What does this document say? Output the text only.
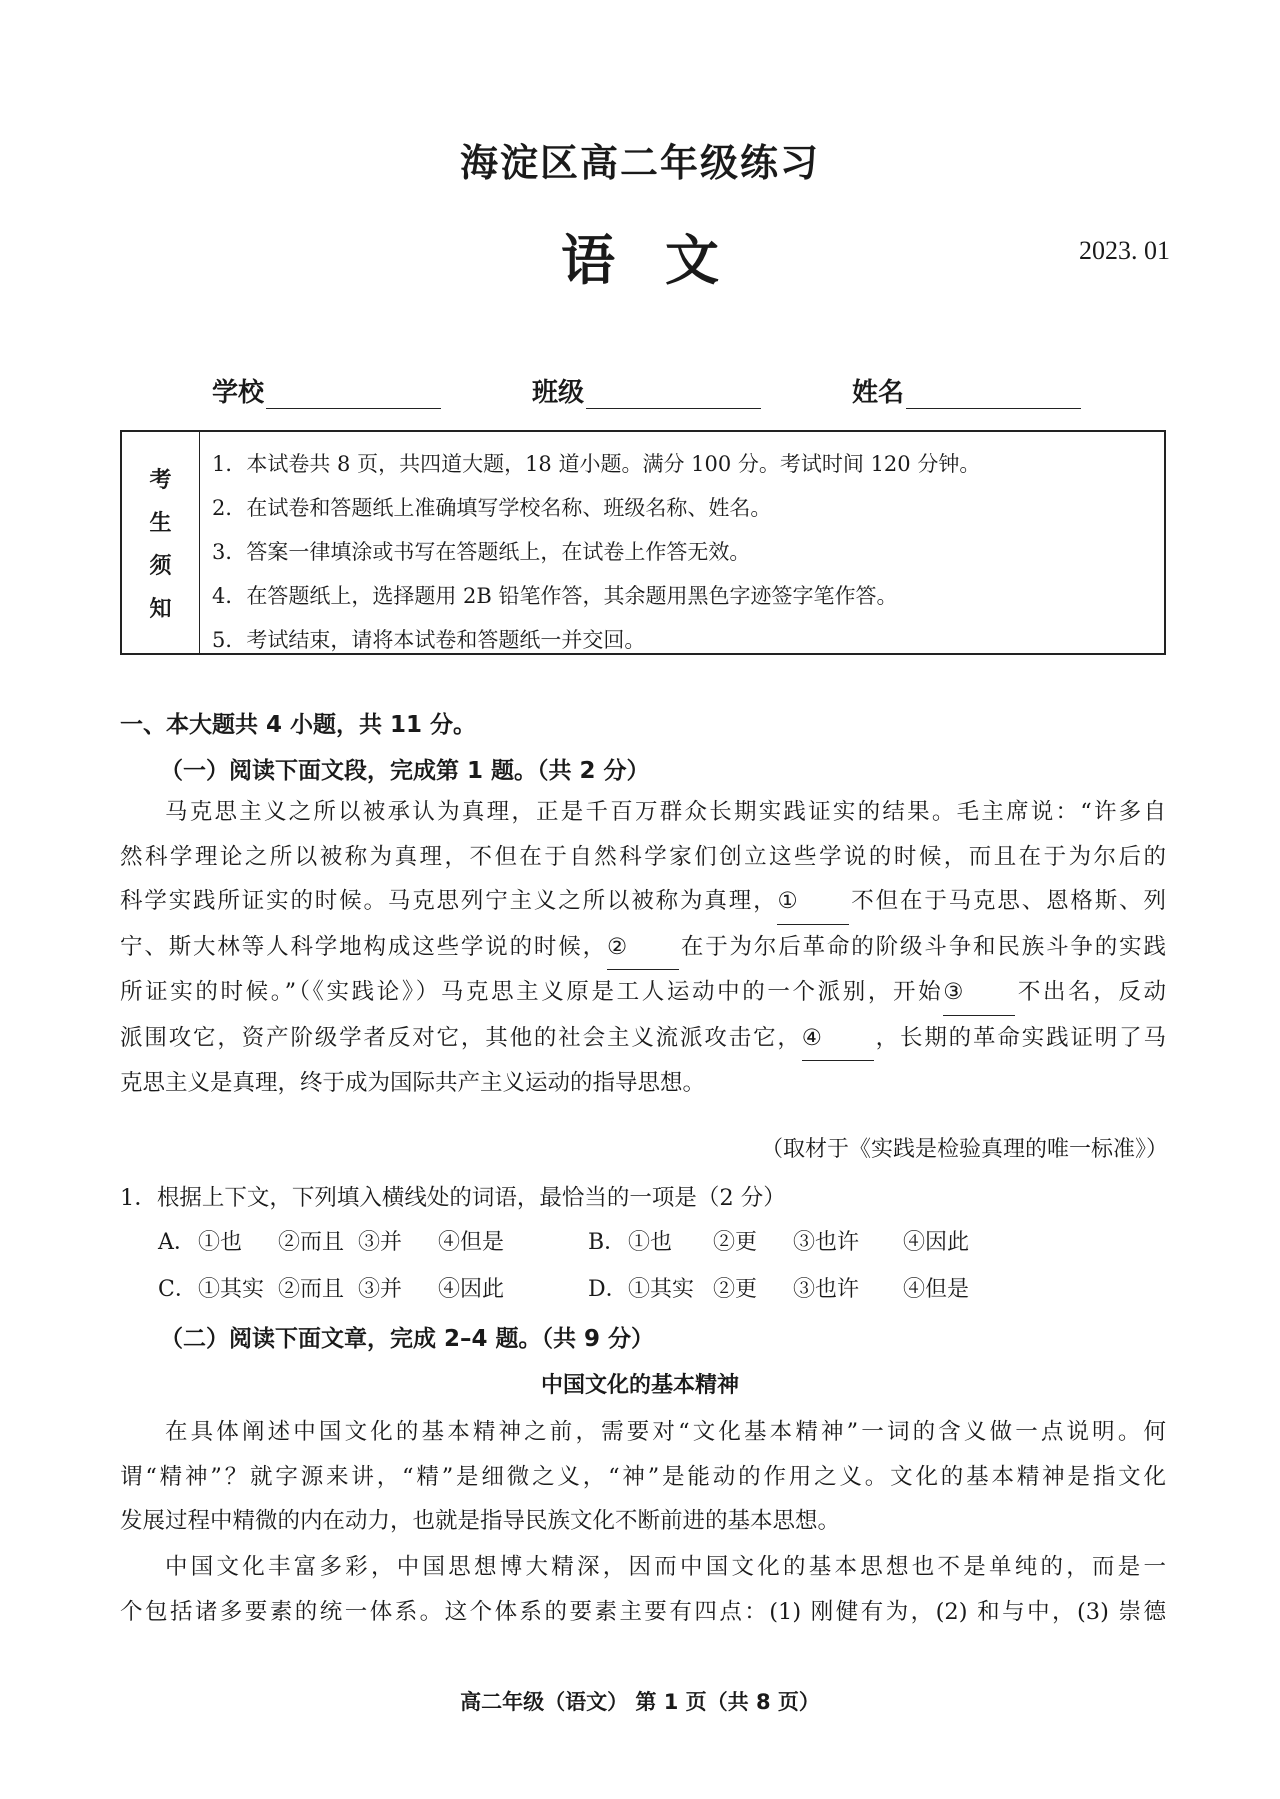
海淀区高二年级练习
语文	2023. 01
学校	班级	姓名
考
生
须
知
1．本试卷共 8 页，共四道大题，18 道小题。满分 100 分。考试时间 120 分钟。
2．在试卷和答题纸上准确填写学校名称、班级名称、姓名。
3．答案一律填涂或书写在答题纸上，在试卷上作答无效。
4．在答题纸上，选择题用 2B 铅笔作答，其余题用黑色字迹签字笔作答。
5．考试结束，请将本试卷和答题纸一并交回。
一、本大题共 4 小题，共 11 分。
（一）阅读下面文段，完成第 1 题。（共 2 分）
马克思主义之所以被承认为真理，正是千百万群众长期实践证实的结果。毛主席说：“许多自
然科学理论之所以被称为真理，不但在于自然科学家们创立这些学说的时候，而且在于为尔后的
科学实践所证实的时候。马克思列宁主义之所以被称为真理，① 不但在于马克思、恩格斯、列
宁、斯大林等人科学地构成这些学说的时候，② 在于为尔后革命的阶级斗争和民族斗争的实践
所证实的时候。”（《实践论》）马克思主义原是工人运动中的一个派别，开始③ 不出名，反动
派围攻它，资产阶级学者反对它，其他的社会主义流派攻击它，④ ，长期的革命实践证明了马
克思主义是真理，终于成为国际共产主义运动的指导思想。
（取材于《实践是检验真理的唯一标准》）
1．根据上下文，下列填入横线处的词语，最恰当的一项是（2 分）
A． ①也	②而且 ③并	④但是	B． ①也	②更	③也许	④因此
C． ①其实 ②而且 ③并	④因此	D． ①其实 ②更	③也许	④但是
（二）阅读下面文章，完成 2–4 题。（共 9 分）
中国文化的基本精神
在具体阐述中国文化的基本精神之前，需要对“文化基本精神”一词的含义做一点说明。何
谓“精神”？就字源来讲，“精”是细微之义，“神”是能动的作用之义。文化的基本精神是指文化
发展过程中精微的内在动力，也就是指导民族文化不断前进的基本思想。
中国文化丰富多彩，中国思想博大精深，因而中国文化的基本思想也不是单纯的，而是一
个包括诸多要素的统一体系。这个体系的要素主要有四点：(1) 刚健有为，(2) 和与中，(3) 崇德
高二年级（语文） 第 1 页（共 8 页）
